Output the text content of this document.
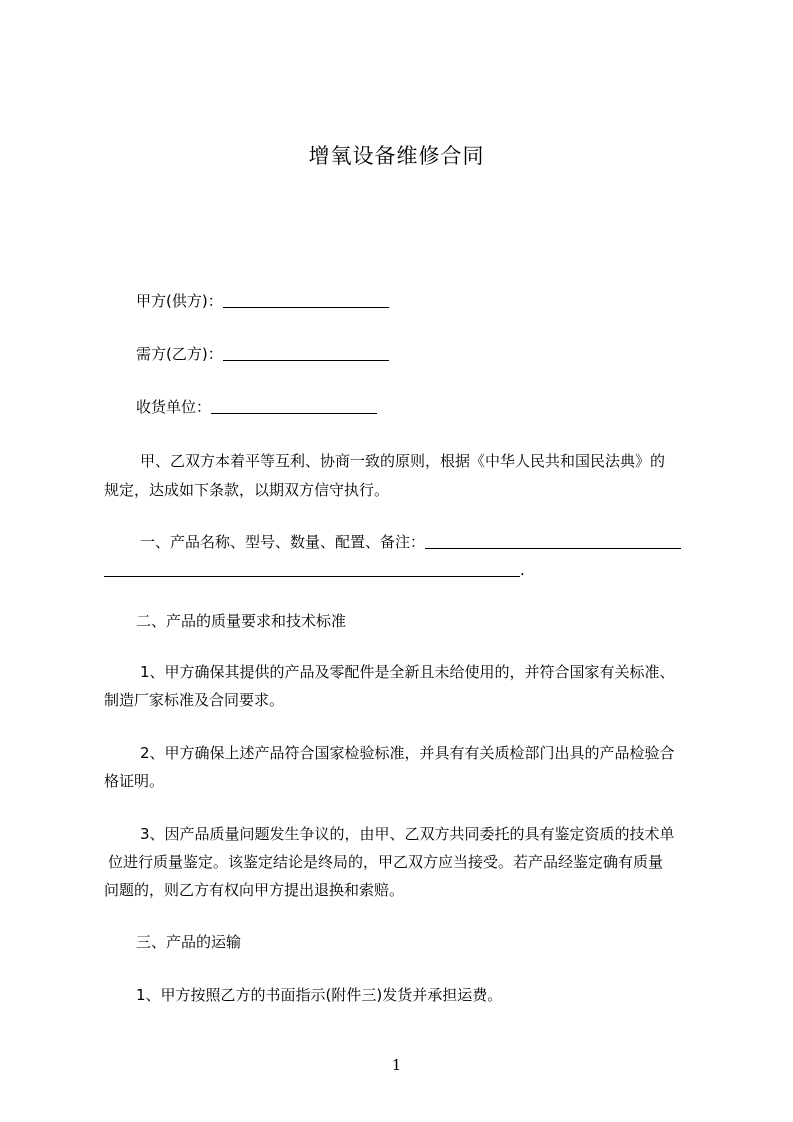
增氧设备维修合同
甲方(供方)：
需方(乙方)：
收货单位：
甲、乙双方本着平等互利、协商一致的原则，根据《中华人民共和国民法典》的
规定，达成如下条款，以期双方信守执行。
一、产品名称、型号、数量、配置、备注：
.
二、产品的质量要求和技术标准
1、甲方确保其提供的产品及零配件是全新且未给使用的，并符合国家有关标准、
制造厂家标准及合同要求。
2、甲方确保上述产品符合国家检验标准，并具有有关质检部门出具的产品检验合
格证明。
3、因产品质量问题发生争议的，由甲、乙双方共同委托的具有鉴定资质的技术单
位进行质量鉴定。该鉴定结论是终局的，甲乙双方应当接受。若产品经鉴定确有质量
问题的，则乙方有权向甲方提出退换和索赔。
三、产品的运输
1、甲方按照乙方的书面指示(附件三)发货并承担运费。
1
